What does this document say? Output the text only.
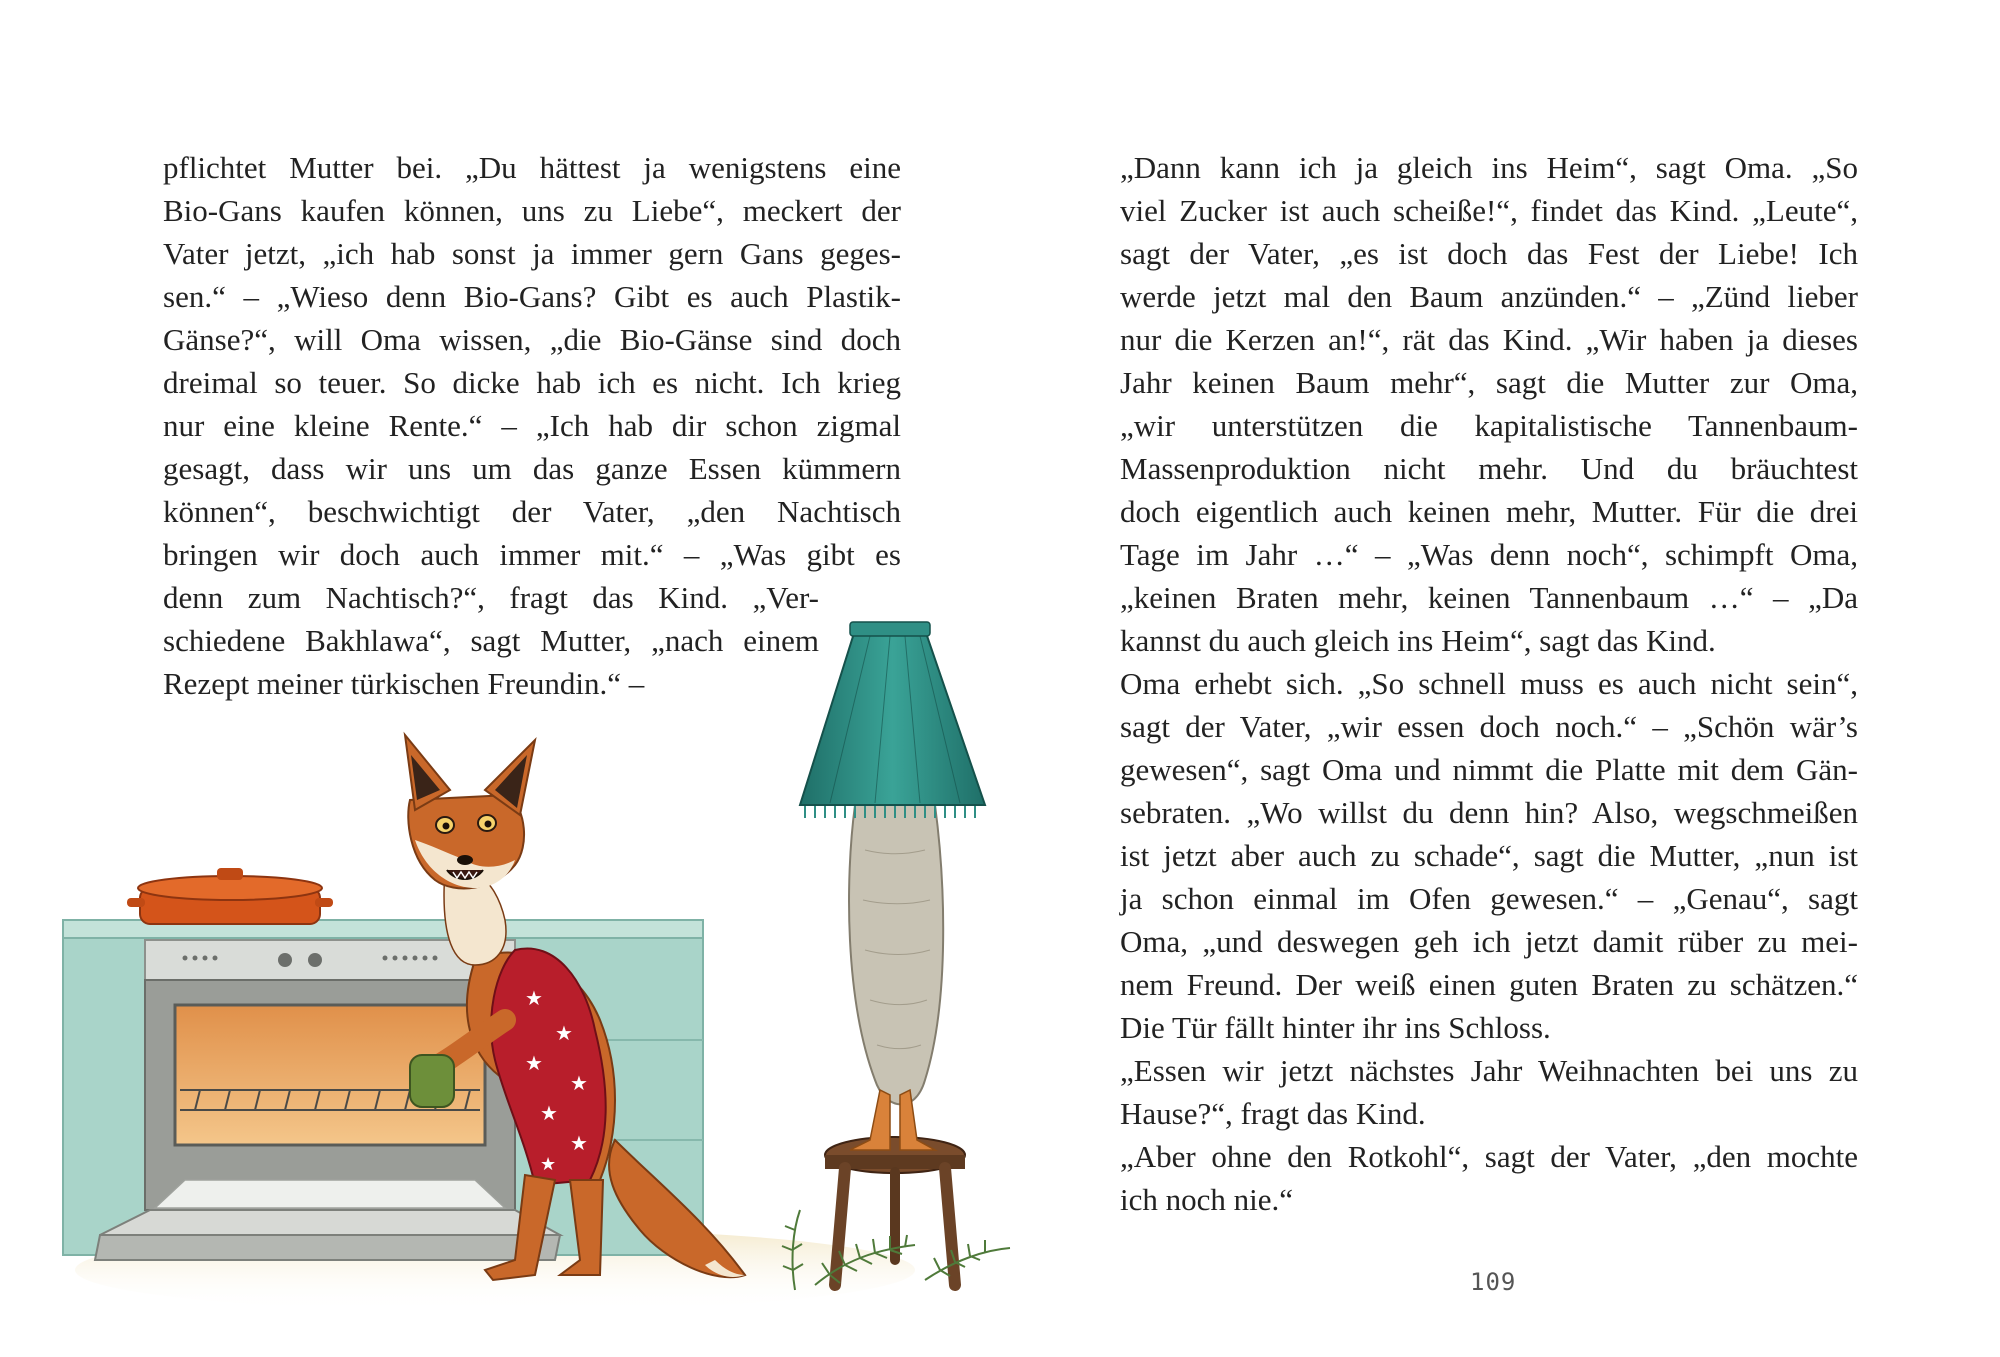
pflichtet Mutter bei. „Du hättest ja wenigstens eine
Bio-Gans kaufen können, uns zu Liebe“, meckert der
Vater jetzt, „ich hab sonst ja immer gern Gans geges-
sen.“ – „Wieso denn Bio-Gans? Gibt es auch Plastik-
Gänse?“, will Oma wissen, „die Bio-Gänse sind doch
dreimal so teuer. So dicke hab ich es nicht. Ich krieg
nur eine kleine Rente.“ – „Ich hab dir schon zigmal
gesagt, dass wir uns um das ganze Essen kümmern
können“, beschwichtigt der Vater, „den Nachtisch
bringen wir doch auch immer mit.“ – „Was gibt es
denn zum Nachtisch?“, fragt das Kind. „Ver-
schiedene Bakhlawa“, sagt Mutter, „nach einem
Rezept meiner türkischen Freundin.“ –
„Dann kann ich ja gleich ins Heim“, sagt Oma. „So
viel Zucker ist auch scheiße!“, findet das Kind. „Leute“,
sagt der Vater, „es ist doch das Fest der Liebe! Ich
werde jetzt mal den Baum anzünden.“ – „Zünd lieber
nur die Kerzen an!“, rät das Kind. „Wir haben ja dieses
Jahr keinen Baum mehr“, sagt die Mutter zur Oma,
„wir unterstützen die kapitalistische Tannenbaum-
Massenproduktion nicht mehr. Und du bräuchtest
doch eigentlich auch keinen mehr, Mutter. Für die drei
Tage im Jahr …“ – „Was denn noch“, schimpft Oma,
„keinen Braten mehr, keinen Tannenbaum …“ – „Da
kannst du auch gleich ins Heim“, sagt das Kind.
Oma erhebt sich. „So schnell muss es auch nicht sein“,
sagt der Vater, „wir essen doch noch.“ – „Schön wär’s
gewesen“, sagt Oma und nimmt die Platte mit dem Gän-
sebraten. „Wo willst du denn hin? Also, wegschmeißen
ist jetzt aber auch zu schade“, sagt die Mutter, „nun ist
ja schon einmal im Ofen gewesen.“ – „Genau“, sagt
Oma, „und deswegen geh ich jetzt damit rüber zu mei-
nem Freund. Der weiß einen guten Braten zu schätzen.“
Die Tür fällt hinter ihr ins Schloss.
„Essen wir jetzt nächstes Jahr Weihnachten bei uns zu
Hause?“, fragt das Kind.
„Aber ohne den Rotkohl“, sagt der Vater, „den mochte
ich noch nie.“
109
★
★
★
★
★
★
★
